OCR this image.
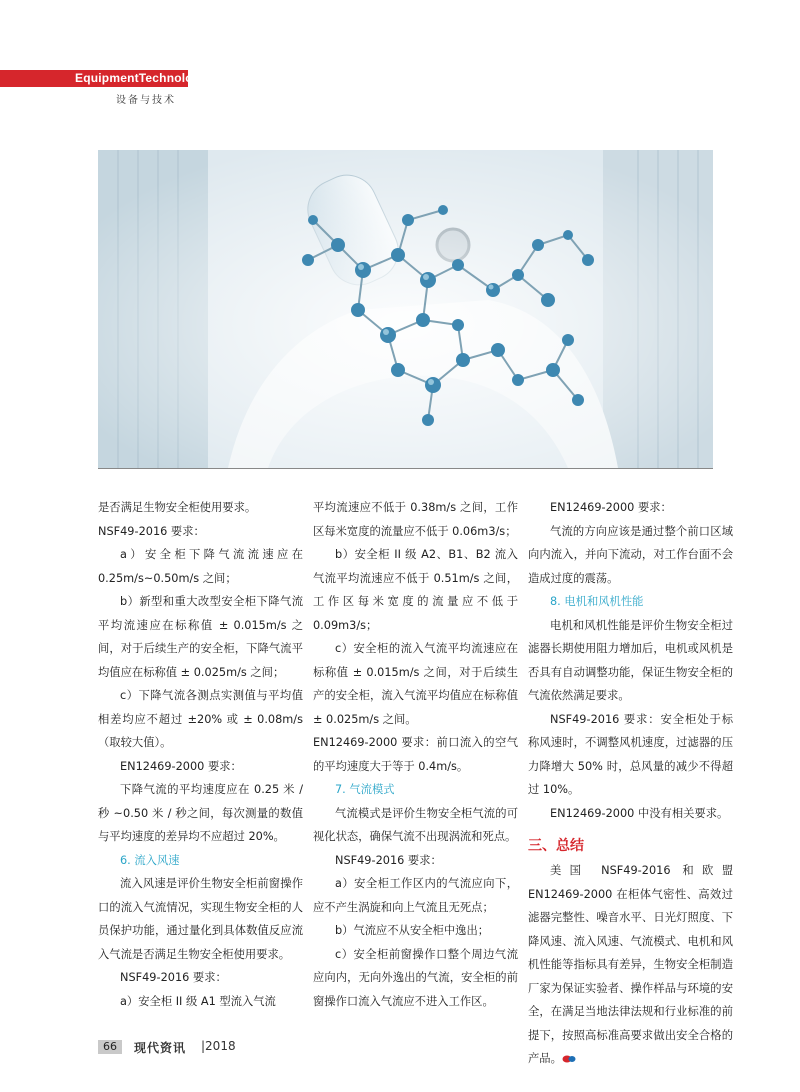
EquipmentTechnology
设备与技术

是否满足生物安全柜使用要求。

NSF49-2016 要求：

a）安全柜下降气流流速应在 0.25m/s~0.50m/s 之间；

b）新型和重大改型安全柜下降气流平均流速应在标称值 ± 0.015m/s 之间，对于后续生产的安全柜，下降气流平均值应在标称值 ± 0.025m/s 之间；

c）下降气流各测点实测值与平均值相差均应不超过 ±20% 或 ± 0.08m/s（取较大值）。

EN12469-2000 要求：

下降气流的平均速度应在 0.25 米 / 秒 ~0.50 米 / 秒之间，每次测量的数值与平均速度的差异均不应超过 20%。

6. 流入风速

流入风速是评价生物安全柜前窗操作口的流入气流情况，实现生物安全柜的人员保护功能，通过量化到具体数值反应流入气流是否满足生物安全柜使用要求。

NSF49-2016 要求：

a）安全柜 II 级 A1 型流入气流

平均流速应不低于 0.38m/s 之间，工作区每米宽度的流量应不低于 0.06m3/s；

b）安全柜 II 级 A2、B1、B2 流入气流平均流速应不低于 0.51m/s 之间，工作区每米宽度的流量应不低于 0.09m3/s；

c）安全柜的流入气流平均流速应在标称值 ± 0.015m/s 之间，对于后续生产的安全柜，流入气流平均值应在标称值 ± 0.025m/s 之间。

EN12469-2000 要求：前口流入的空气的平均速度大于等于 0.4m/s。

7. 气流模式

气流模式是评价生物安全柜气流的可视化状态，确保气流不出现涡流和死点。

NSF49-2016 要求：

a）安全柜工作区内的气流应向下，应不产生涡旋和向上气流且无死点；

b）气流应不从安全柜中逸出；

c）安全柜前窗操作口整个周边气流应向内，无向外逸出的气流，安全柜的前窗操作口流入气流应不进入工作区。

EN12469-2000 要求：

气流的方向应该是通过整个前口区域向内流入，并向下流动，对工作台面不会造成过度的震荡。

8. 电机和风机性能

电机和风机性能是评价生物安全柜过滤器长期使用阻力增加后，电机或风机是否具有自动调整功能，保证生物安全柜的气流依然满足要求。

NSF49-2016 要求：安全柜处于标称风速时，不调整风机速度，过滤器的压力降增大 50% 时，总风量的减少不得超过 10%。

EN12469-2000 中没有相关要求。

三、总结

美国 NSF49-2016 和欧盟 EN12469-2000 在柜体气密性、高效过滤器完整性、噪音水平、日光灯照度、下降风速、流入风速、气流模式、电机和风机性能等指标具有差异，生物安全柜制造厂家为保证实验者、操作样品与环境的安全，在满足当地法律法规和行业标准的前提下，按照高标准高要求做出安全合格的产品。

66	现代资讯 |2018
